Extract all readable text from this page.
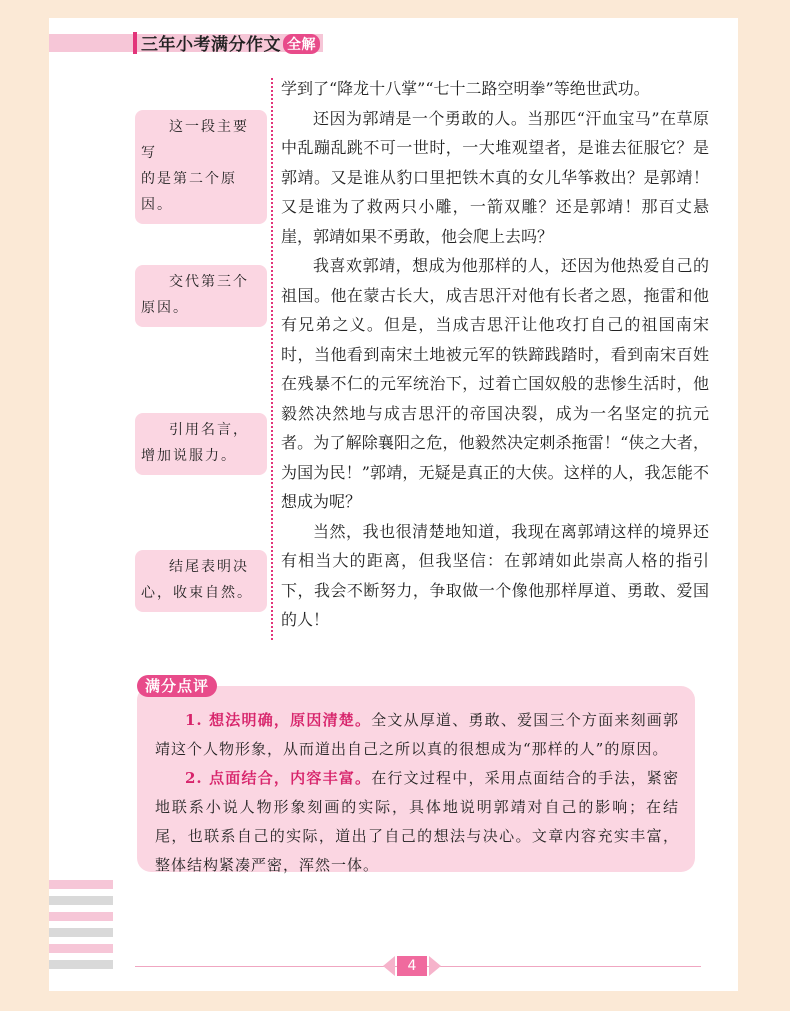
三年小考满分作文 全解
这一段主要写
的是第二个原因。
交代第三个
原因。
引用名言，
增加说服力。
结尾表明决
心，收束自然。

学到了“降龙十八掌”“七十二路空明拳”等绝世武功。

还因为郭靖是一个勇敢的人。当那匹“汗血宝马”在草原中乱蹦乱跳不可一世时，一大堆观望者，是谁去征服它？是郭靖。又是谁从豹口里把铁木真的女儿华筝救出？是郭靖！又是谁为了救两只小雕，一箭双雕？还是郭靖！那百丈悬崖，郭靖如果不勇敢，他会爬上去吗？

我喜欢郭靖，想成为他那样的人，还因为他热爱自己的祖国。他在蒙古长大，成吉思汗对他有长者之恩，拖雷和他有兄弟之义。但是，当成吉思汗让他攻打自己的祖国南宋时，当他看到南宋土地被元军的铁蹄践踏时，看到南宋百姓在残暴不仁的元军统治下，过着亡国奴般的悲惨生活时，他毅然决然地与成吉思汗的帝国决裂，成为一名坚定的抗元者。为了解除襄阳之危，他毅然决定刺杀拖雷！“侠之大者，为国为民！”郭靖，无疑是真正的大侠。这样的人，我怎能不想成为呢？

当然，我也很清楚地知道，我现在离郭靖这样的境界还有相当大的距离，但我坚信：在郭靖如此崇高人格的指引下，我会不断努力，争取做一个像他那样厚道、勇敢、爱国的人！

满分点评

1. 想法明确，原因清楚。全文从厚道、勇敢、爱国三个方面来刻画郭靖这个人物形象，从而道出自己之所以真的很想成为“那样的人”的原因。

2. 点面结合，内容丰富。在行文过程中，采用点面结合的手法，紧密地联系小说人物形象刻画的实际，具体地说明郭靖对自己的影响；在结尾，也联系自己的实际，道出了自己的想法与决心。文章内容充实丰富，整体结构紧凑严密，浑然一体。

4
